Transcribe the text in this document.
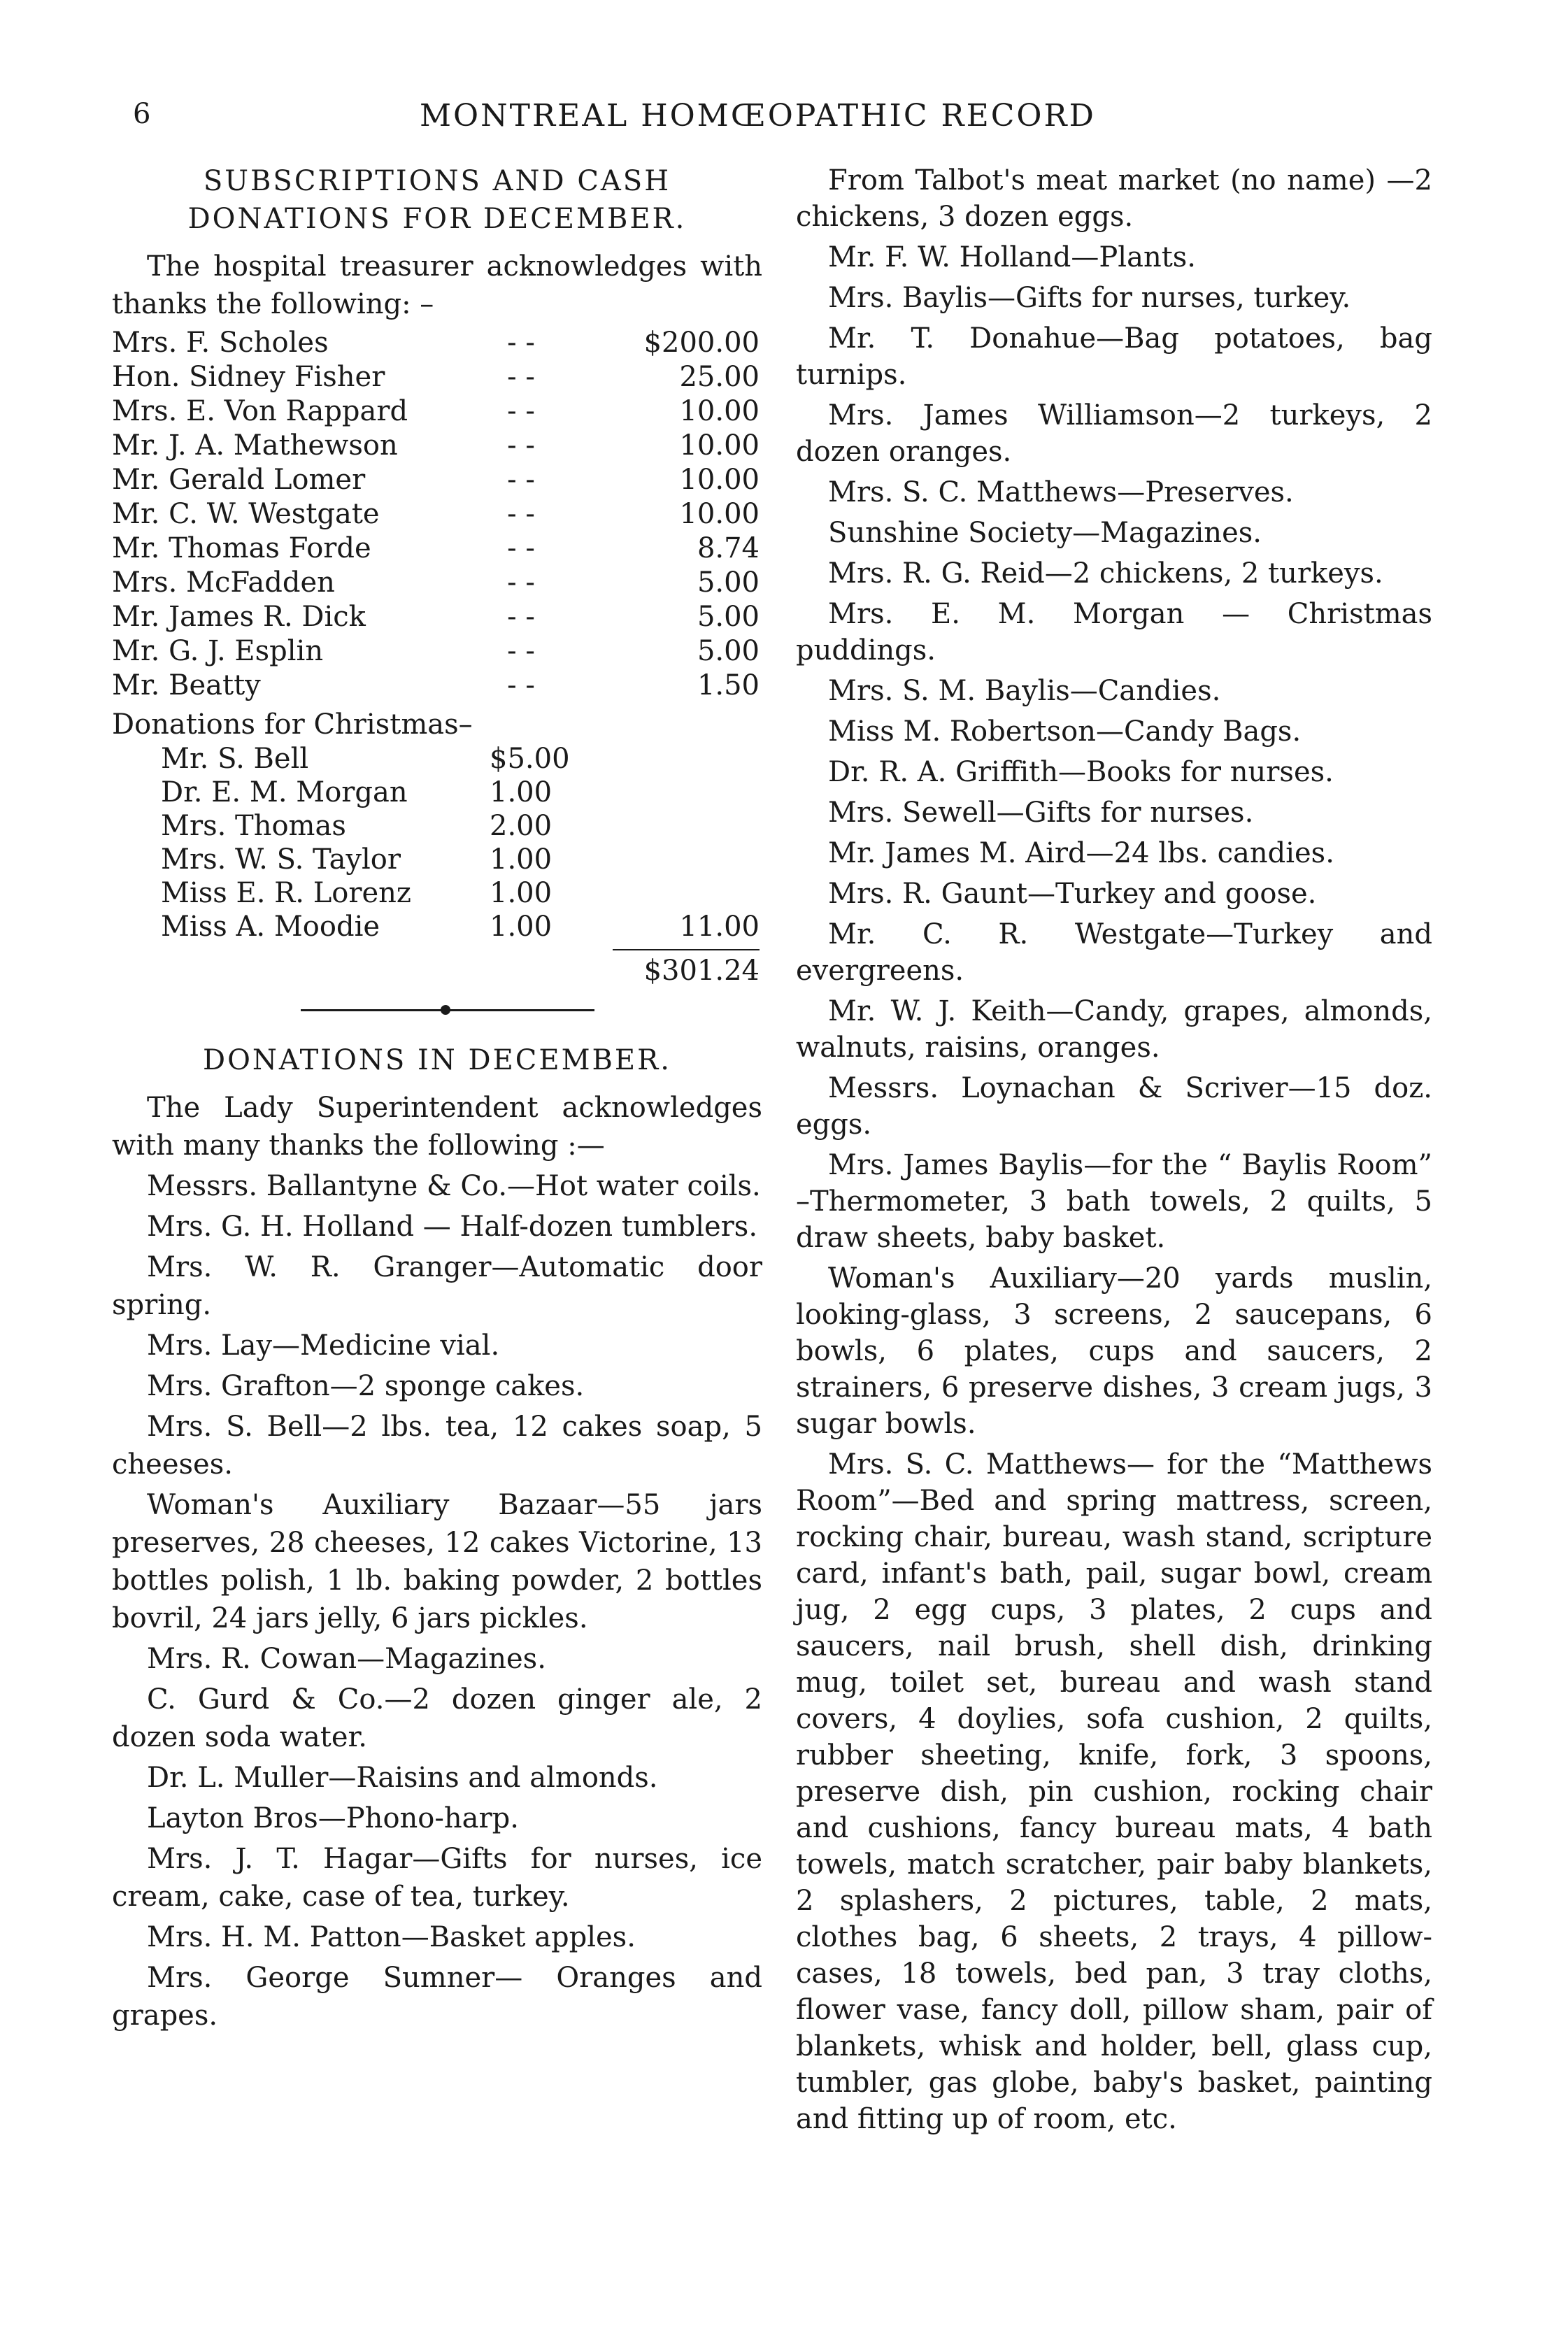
6	MONTREAL HOMŒOPATHIC RECORD
SUBSCRIPTIONS AND CASH DONATIONS FOR DECEMBER.

The hospital treasurer acknowledges with thanks the following: –

Mrs. F. Scholes	- -	$200.00
Hon. Sidney Fisher	- -	25.00
Mrs. E. Von Rappard	- -	10.00
Mr. J. A. Mathewson	- -	10.00
Mr. Gerald Lomer	- -	10.00
Mr. C. W. Westgate	- -	10.00
Mr. Thomas Forde	- -	8.74
Mrs. McFadden	- -	5.00
Mr. James R. Dick	- -	5.00
Mr. G. J. Esplin	- -	5.00
Mr. Beatty	- -	1.50
Donations for Christmas–
Mr. S. Bell	$5.00	
Dr. E. M. Morgan	1.00	
Mrs. Thomas	2.00	
Mrs. W. S. Taylor	1.00	
Miss E. R. Lorenz	1.00	
Miss A. Moodie	1.00	11.00
$301.24
DONATIONS IN DECEMBER.

The Lady Superintendent acknowledges with many thanks the following :—

Messrs. Ballantyne & Co.—Hot water coils.

Mrs. G. H. Holland — Half-dozen tumblers.

Mrs. W. R. Granger—Automatic door spring.

Mrs. Lay—Medicine vial.

Mrs. Grafton—2 sponge cakes.

Mrs. S. Bell—2 lbs. tea, 12 cakes soap, 5 cheeses.

Woman's Auxiliary Bazaar—55 jars preserves, 28 cheeses, 12 cakes Victorine, 13 bottles polish, 1 lb. baking powder, 2 bottles bovril, 24 jars jelly, 6 jars pickles.

Mrs. R. Cowan—Magazines.

C. Gurd & Co.—2 dozen ginger ale, 2 dozen soda water.

Dr. L. Muller—Raisins and almonds.

Layton Bros—Phono-harp.

Mrs. J. T. Hagar—Gifts for nurses, ice cream, cake, case of tea, turkey.

Mrs. H. M. Patton—Basket apples.

Mrs. George Sumner— Oranges and grapes.

From Talbot's meat market (no name) —2 chickens, 3 dozen eggs.

Mr. F. W. Holland—Plants.

Mrs. Baylis—Gifts for nurses, turkey.

Mr. T. Donahue—Bag potatoes, bag turnips.

Mrs. James Williamson—2 turkeys, 2 dozen oranges.

Mrs. S. C. Matthews—Preserves.

Sunshine Society—Magazines.

Mrs. R. G. Reid—2 chickens, 2 turkeys.

Mrs. E. M. Morgan — Christmas puddings.

Mrs. S. M. Baylis—Candies.

Miss M. Robertson—Candy Bags.

Dr. R. A. Griffith—Books for nurses.

Mrs. Sewell—Gifts for nurses.

Mr. James M. Aird—24 lbs. candies.

Mrs. R. Gaunt—Turkey and goose.

Mr. C. R. Westgate—Turkey and evergreens.

Mr. W. J. Keith—Candy, grapes, almonds, walnuts, raisins, oranges.

Messrs. Loynachan & Scriver—15 doz. eggs.

Mrs. James Baylis—for the “ Baylis Room” –Thermometer, 3 bath towels, 2 quilts, 5 draw sheets, baby basket.

Woman's Auxiliary—20 yards muslin, looking-glass, 3 screens, 2 saucepans, 6 bowls, 6 plates, cups and saucers, 2 strainers, 6 preserve dishes, 3 cream jugs, 3 sugar bowls.

Mrs. S. C. Matthews— for the “Matthews Room”—Bed and spring mattress, screen, rocking chair, bureau, wash stand, scripture card, infant's bath, pail, sugar bowl, cream jug, 2 egg cups, 3 plates, 2 cups and saucers, nail brush, shell dish, drinking mug, toilet set, bureau and wash stand covers, 4 doylies, sofa cushion, 2 quilts, rubber sheeting, knife, fork, 3 spoons, preserve dish, pin cushion, rocking chair and cushions, fancy bureau mats, 4 bath towels, match scratcher, pair baby blankets, 2 splashers, 2 pictures, table, 2 mats, clothes bag, 6 sheets, 2 trays, 4 pillow-cases, 18 towels, bed pan, 3 tray cloths, flower vase, fancy doll, pillow sham, pair of blankets, whisk and holder, bell, glass cup, tumbler, gas globe, baby's basket, painting and fitting up of room, etc.
